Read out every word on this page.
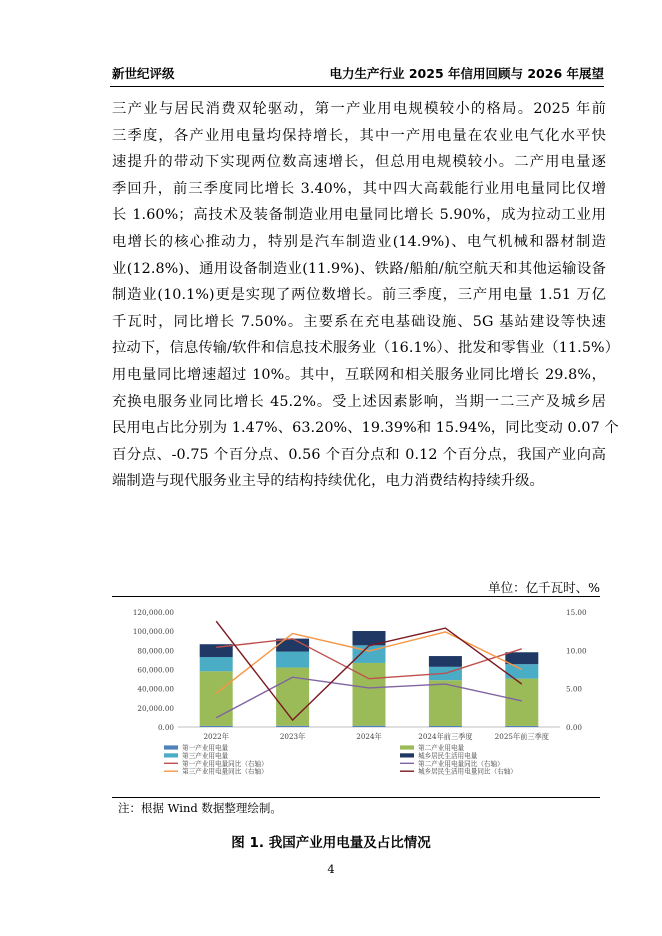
新世纪评级	电力生产行业 2025 年信用回顾与 2026 年展望
三产业与居民消费双轮驱动，第一产业用电规模较小的格局。2025 年前
三季度，各产业用电量均保持增长，其中一产用电量在农业电气化水平快
速提升的带动下实现两位数高速增长，但总用电规模较小。二产用电量逐
季回升，前三季度同比增长 3.40%，其中四大高载能行业用电量同比仅增
长 1.60%；高技术及装备制造业用电量同比增长 5.90%，成为拉动工业用
电增长的核心推动力，特别是汽车制造业(14.9%)、电气机械和器材制造
业(12.8%)、通用设备制造业(11.9%)、铁路/船舶/航空航天和其他运输设备
制造业(10.1%)更是实现了两位数增长。前三季度，三产用电量 1.51 万亿
千瓦时，同比增长 7.50%。主要系在充电基础设施、5G 基站建设等快速
拉动下，信息传输/软件和信息技术服务业（16.1%）、批发和零售业（11.5%）
用电量同比增速超过 10%。其中，互联网和相关服务业同比增长 29.8%，
充换电服务业同比增长 45.2%。受上述因素影响，当期一二三产及城乡居
民用电占比分别为 1.47%、63.20%、19.39%和 15.94%，同比变动 0.07 个
百分点、-0.75 个百分点、0.56 个百分点和 0.12 个百分点，我国产业向高
端制造与现代服务业主导的结构持续优化，电力消费结构持续升级。
单位：亿千瓦时、%
0.00
20,000.00
40,000.00
60,000.00
80,000.00
100,000.00
120,000.00
0.00
5.00
10.00
15.00
2022年	2023年	2024年	2024年前三季度	2025年前三季度
第一产业用电量	第二产业用电量
第三产业用电量	城乡居民生活用电量
第一产业用电量同比（右轴）	第二产业用电量同比（右轴）
第三产业用电量同比（右轴）	城乡居民生活用电量同比（右轴）
注：根据 Wind 数据整理绘制。
图 1. 我国产业用电量及占比情况
4
